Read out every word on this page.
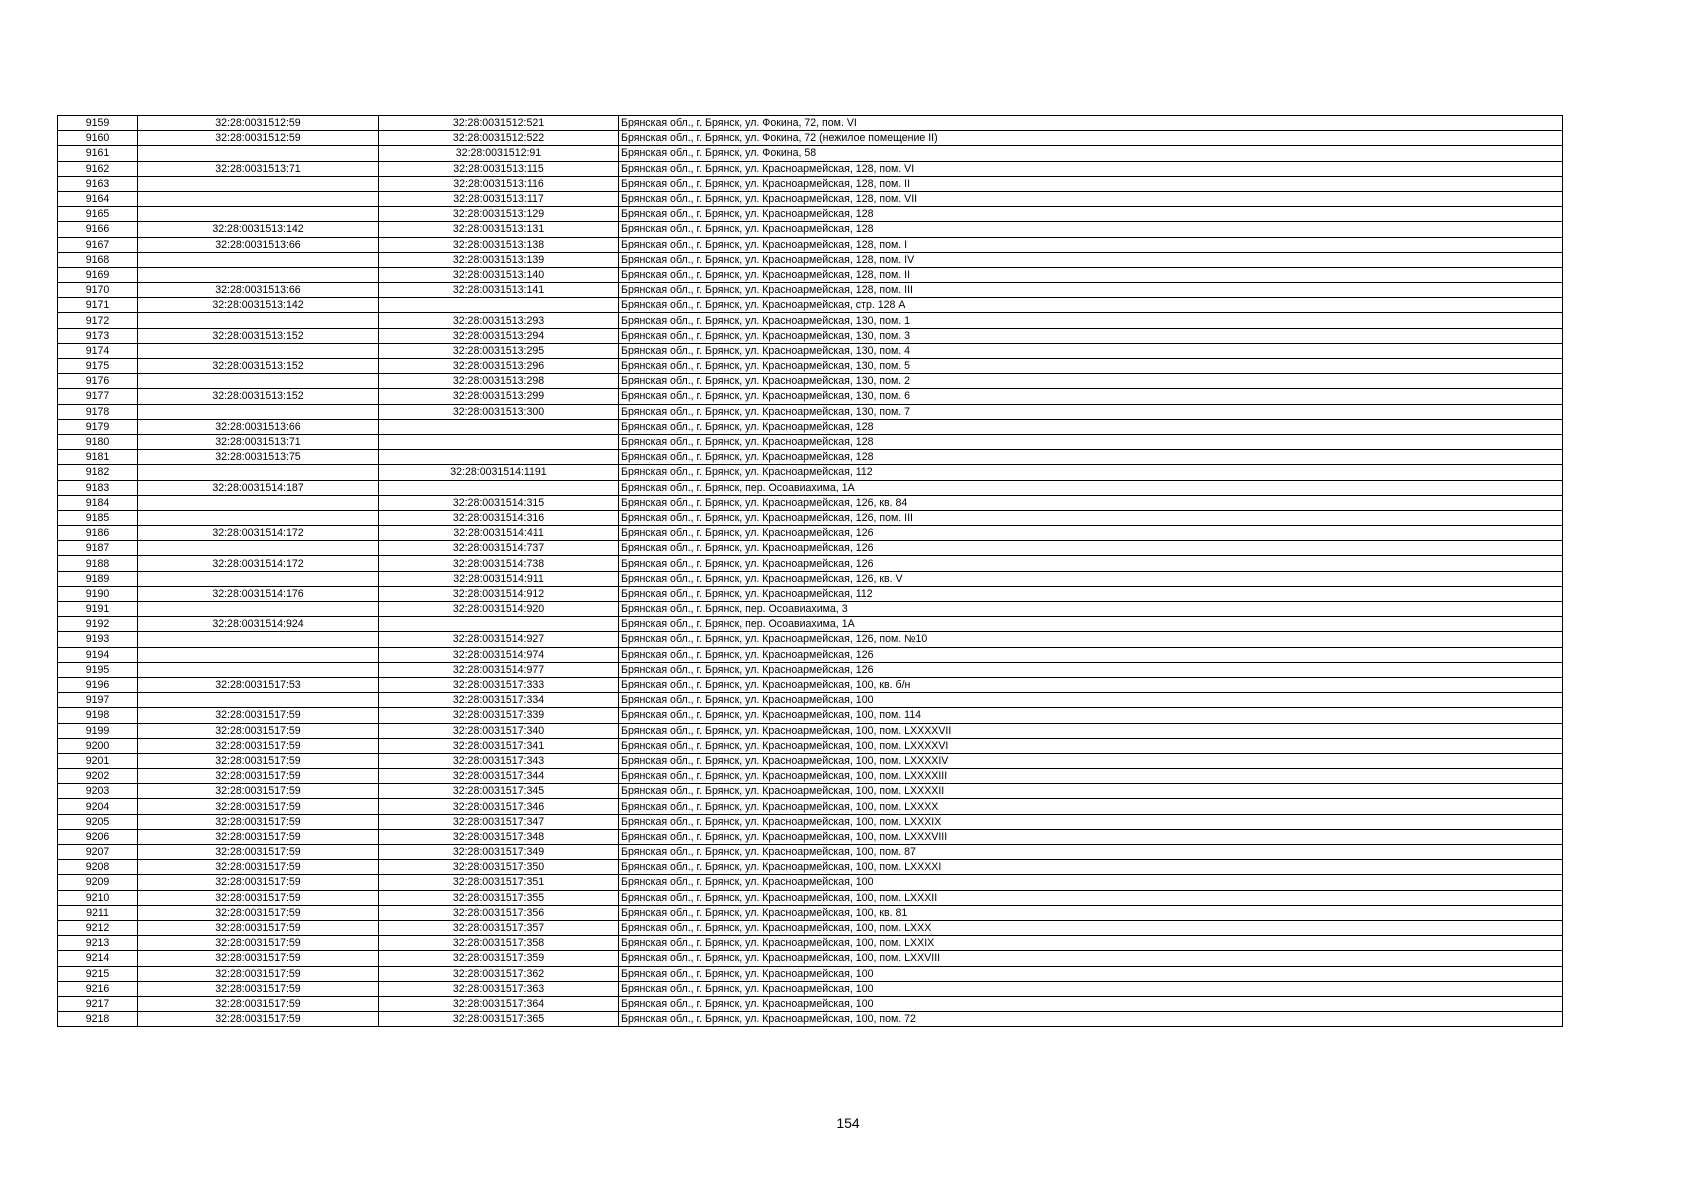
9159	32:28:0031512:59	32:28:0031512:521	Брянская обл., г. Брянск, ул. Фокина, 72, пом. VI
9160	32:28:0031512:59	32:28:0031512:522	Брянская обл., г. Брянск, ул. Фокина, 72 (нежилое помещение II)
9161		32:28:0031512:91	Брянская обл., г. Брянск, ул. Фокина, 58
9162	32:28:0031513:71	32:28:0031513:115	Брянская обл., г. Брянск, ул. Красноармейская, 128, пом. VI
9163		32:28:0031513:116	Брянская обл., г. Брянск, ул. Красноармейская, 128, пом. II
9164		32:28:0031513:117	Брянская обл., г. Брянск, ул. Красноармейская, 128, пом. VII
9165		32:28:0031513:129	Брянская обл., г. Брянск, ул. Красноармейская, 128
9166	32:28:0031513:142	32:28:0031513:131	Брянская обл., г. Брянск, ул. Красноармейская, 128
9167	32:28:0031513:66	32:28:0031513:138	Брянская обл., г. Брянск, ул. Красноармейская, 128, пом. I
9168		32:28:0031513:139	Брянская обл., г. Брянск, ул. Красноармейская, 128, пом. IV
9169		32:28:0031513:140	Брянская обл., г. Брянск, ул. Красноармейская, 128, пом. II
9170	32:28:0031513:66	32:28:0031513:141	Брянская обл., г. Брянск, ул. Красноармейская, 128, пом. III
9171	32:28:0031513:142		Брянская обл., г. Брянск, ул. Красноармейская, стр. 128 А
9172		32:28:0031513:293	Брянская обл., г. Брянск, ул. Красноармейская, 130, пом. 1
9173	32:28:0031513:152	32:28:0031513:294	Брянская обл., г. Брянск, ул. Красноармейская, 130, пом. 3
9174		32:28:0031513:295	Брянская обл., г. Брянск, ул. Красноармейская, 130, пом. 4
9175	32:28:0031513:152	32:28:0031513:296	Брянская обл., г. Брянск, ул. Красноармейская, 130, пом. 5
9176		32:28:0031513:298	Брянская обл., г. Брянск, ул. Красноармейская, 130, пом. 2
9177	32:28:0031513:152	32:28:0031513:299	Брянская обл., г. Брянск, ул. Красноармейская, 130, пом. 6
9178		32:28:0031513:300	Брянская обл., г. Брянск, ул. Красноармейская, 130, пом. 7
9179	32:28:0031513:66		Брянская обл., г. Брянск, ул. Красноармейская, 128
9180	32:28:0031513:71		Брянская обл., г. Брянск, ул. Красноармейская, 128
9181	32:28:0031513:75		Брянская обл., г. Брянск, ул. Красноармейская, 128
9182		32:28:0031514:1191	Брянская обл., г. Брянск, ул. Красноармейская, 112
9183	32:28:0031514:187		Брянская обл., г. Брянск, пер. Осоавиахима, 1А
9184		32:28:0031514:315	Брянская обл., г. Брянск, ул. Красноармейская, 126, кв. 84
9185		32:28:0031514:316	Брянская обл., г. Брянск, ул. Красноармейская, 126, пом. III
9186	32:28:0031514:172	32:28:0031514:411	Брянская обл., г. Брянск, ул. Красноармейская, 126
9187		32:28:0031514:737	Брянская обл., г. Брянск, ул. Красноармейская, 126
9188	32:28:0031514:172	32:28:0031514:738	Брянская обл., г. Брянск, ул. Красноармейская, 126
9189		32:28:0031514:911	Брянская обл., г. Брянск, ул. Красноармейская, 126, кв. V
9190	32:28:0031514:176	32:28:0031514:912	Брянская обл., г. Брянск, ул. Красноармейская, 112
9191		32:28:0031514:920	Брянская обл., г. Брянск, пер. Осоавиахима, 3
9192	32:28:0031514:924		Брянская обл., г. Брянск, пер. Осоавиахима, 1А
9193		32:28:0031514:927	Брянская обл., г. Брянск, ул. Красноармейская, 126, пом. №10
9194		32:28:0031514:974	Брянская обл., г. Брянск, ул. Красноармейская, 126
9195		32:28:0031514:977	Брянская обл., г. Брянск, ул. Красноармейская, 126
9196	32:28:0031517:53	32:28:0031517:333	Брянская обл., г. Брянск, ул. Красноармейская, 100, кв. б/н
9197		32:28:0031517:334	Брянская обл., г. Брянск, ул. Красноармейская, 100
9198	32:28:0031517:59	32:28:0031517:339	Брянская обл., г. Брянск, ул. Красноармейская, 100, пом. 114
9199	32:28:0031517:59	32:28:0031517:340	Брянская обл., г. Брянск, ул. Красноармейская, 100, пом. LXXXXVII
9200	32:28:0031517:59	32:28:0031517:341	Брянская обл., г. Брянск, ул. Красноармейская, 100, пом. LXXXXVI
9201	32:28:0031517:59	32:28:0031517:343	Брянская обл., г. Брянск, ул. Красноармейская, 100, пом. LXXXXIV
9202	32:28:0031517:59	32:28:0031517:344	Брянская обл., г. Брянск, ул. Красноармейская, 100, пом. LXXXXIII
9203	32:28:0031517:59	32:28:0031517:345	Брянская обл., г. Брянск, ул. Красноармейская, 100, пом. LXXXXII
9204	32:28:0031517:59	32:28:0031517:346	Брянская обл., г. Брянск, ул. Красноармейская, 100, пом. LXXXX
9205	32:28:0031517:59	32:28:0031517:347	Брянская обл., г. Брянск, ул. Красноармейская, 100, пом. LXXXIX
9206	32:28:0031517:59	32:28:0031517:348	Брянская обл., г. Брянск, ул. Красноармейская, 100, пом. LXXXVIII
9207	32:28:0031517:59	32:28:0031517:349	Брянская обл., г. Брянск, ул. Красноармейская, 100, пом. 87
9208	32:28:0031517:59	32:28:0031517:350	Брянская обл., г. Брянск, ул. Красноармейская, 100, пом. LXXXXI
9209	32:28:0031517:59	32:28:0031517:351	Брянская обл., г. Брянск, ул. Красноармейская, 100
9210	32:28:0031517:59	32:28:0031517:355	Брянская обл., г. Брянск, ул. Красноармейская, 100, пом. LXXXII
9211	32:28:0031517:59	32:28:0031517:356	Брянская обл., г. Брянск, ул. Красноармейская, 100, кв. 81
9212	32:28:0031517:59	32:28:0031517:357	Брянская обл., г. Брянск, ул. Красноармейская, 100, пом. LXXX
9213	32:28:0031517:59	32:28:0031517:358	Брянская обл., г. Брянск, ул. Красноармейская, 100, пом. LXXIX
9214	32:28:0031517:59	32:28:0031517:359	Брянская обл., г. Брянск, ул. Красноармейская, 100, пом. LXXVIII
9215	32:28:0031517:59	32:28:0031517:362	Брянская обл., г. Брянск, ул. Красноармейская, 100
9216	32:28:0031517:59	32:28:0031517:363	Брянская обл., г. Брянск, ул. Красноармейская, 100
9217	32:28:0031517:59	32:28:0031517:364	Брянская обл., г. Брянск, ул. Красноармейская, 100
9218	32:28:0031517:59	32:28:0031517:365	Брянская обл., г. Брянск, ул. Красноармейская, 100, пом. 72
154
